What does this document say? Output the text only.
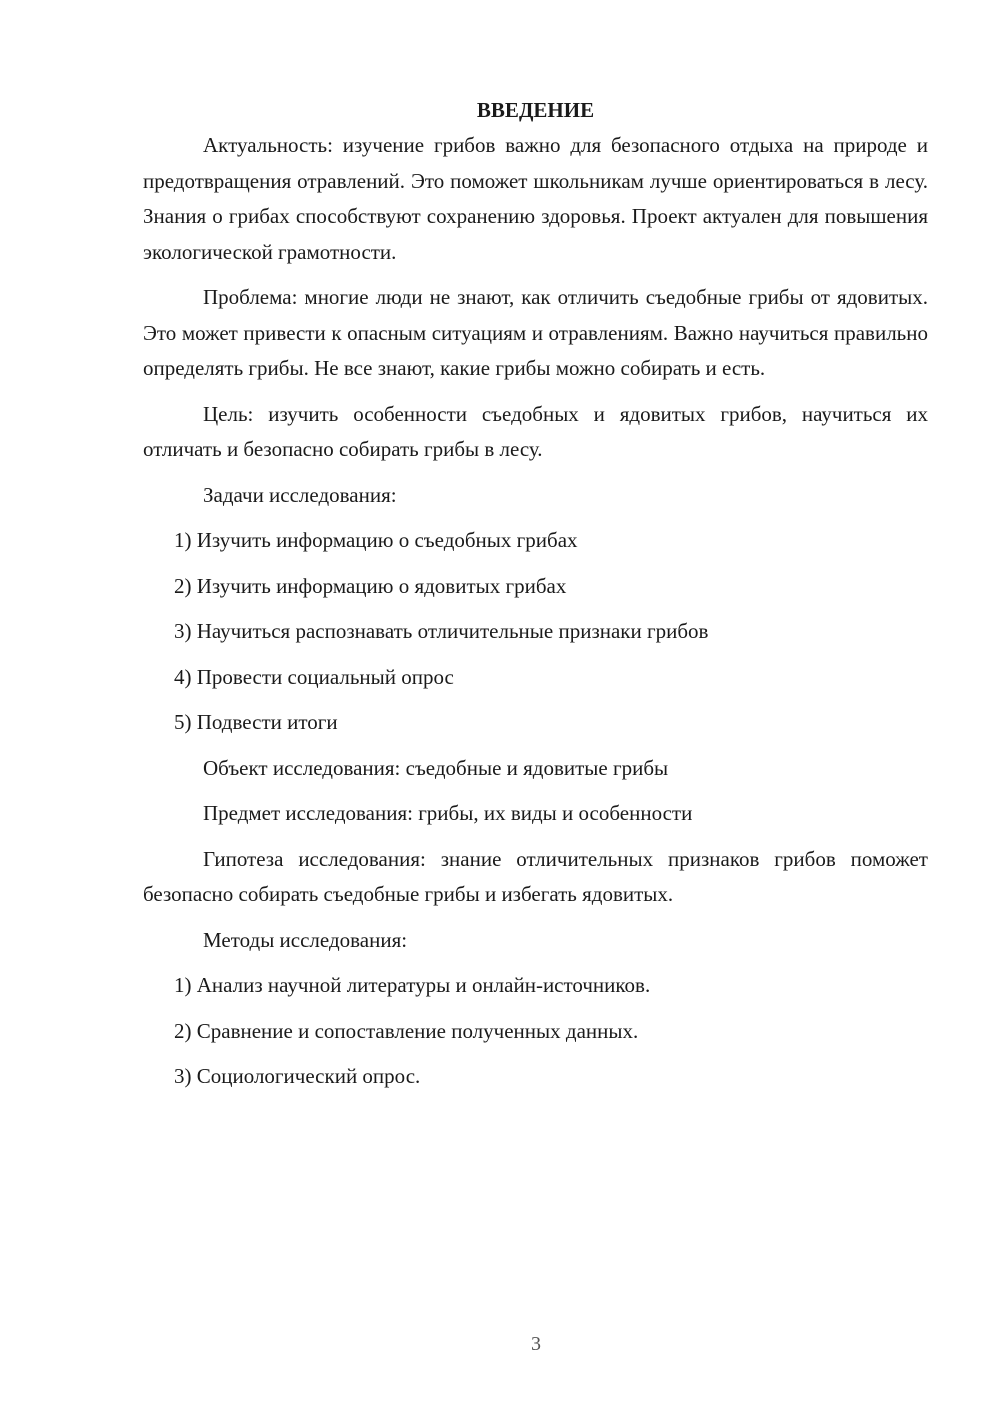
ВВЕДЕНИЕ

Актуальность: изучение грибов важно для безопасного отдыха на природе и предотвращения отравлений. Это поможет школьникам лучше ориентироваться в лесу. Знания о грибах способствуют сохранению здоровья. Проект актуален для повышения экологической грамотности.

Проблема: многие люди не знают, как отличить съедобные грибы от ядовитых. Это может привести к опасным ситуациям и отравлениям. Важно научиться правильно определять грибы. Не все знают, какие грибы можно собирать и есть.

Цель: изучить особенности съедобных и ядовитых грибов, научиться их отличать и безопасно собирать грибы в лесу.

Задачи исследования:

1) Изучить информацию о съедобных грибах

2) Изучить информацию о ядовитых грибах

3) Научиться распознавать отличительные признаки грибов

4) Провести социальный опрос

5) Подвести итоги

Объект исследования: съедобные и ядовитые грибы

Предмет исследования: грибы, их виды и особенности

Гипотеза исследования: знание отличительных признаков грибов поможет безопасно собирать съедобные грибы и избегать ядовитых.

Методы исследования:

1) Анализ научной литературы и онлайн-источников.

2) Сравнение и сопоставление полученных данных.

3) Социологический опрос.

3
